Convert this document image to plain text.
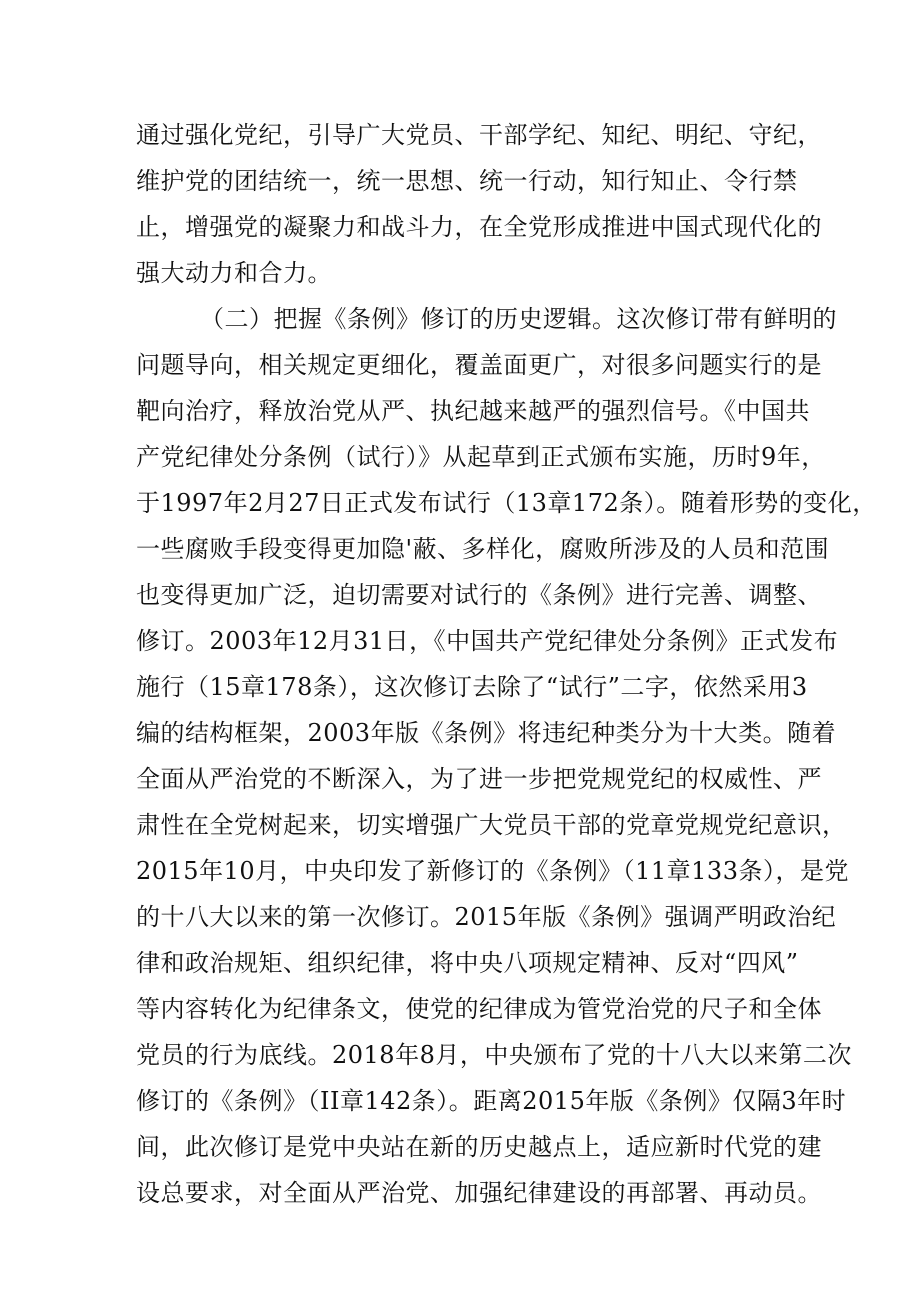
通过强化党纪，引导广大党员、干部学纪、知纪、明纪、守纪，
维护党的团结统一，统一思想、统一行动，知行知止、令行禁
止，增强党的凝聚力和战斗力，在全党形成推进中国式现代化的
强大动力和合力。
（二）把握《条例》修订的历史逻辑。这次修订带有鲜明的
问题导向，相关规定更细化，覆盖面更广，对很多问题实行的是
靶向治疗，释放治党从严、执纪越来越严的强烈信号。《中国共
产党纪律处分条例（试行）》从起草到正式颁布实施，历时9年，
于1997年2月27日正式发布试行（13章172条）。随着形势的变化，
一些腐败手段变得更加隐'蔽、多样化，腐败所涉及的人员和范围
也变得更加广泛，迫切需要对试行的《条例》进行完善、调整、
修订。2003年12月31日，《中国共产党纪律处分条例》正式发布
施行（15章178条），这次修订去除了“试行”二字，依然采用3
编的结构框架，2003年版《条例》将违纪种类分为十大类。随着
全面从严治党的不断深入，为了进一步把党规党纪的权威性、严
肃性在全党树起来，切实增强广大党员干部的党章党规党纪意识，
2015年10月，中央印发了新修订的《条例》（11章133条），是党
的十八大以来的第一次修订。2015年版《条例》强调严明政治纪
律和政治规矩、组织纪律，将中央八项规定精神、反对“四风”
等内容转化为纪律条文，使党的纪律成为管党治党的尺子和全体
党员的行为底线。2018年8月，中央颁布了党的十八大以来第二次
修订的《条例》（II章142条）。距离2015年版《条例》仅隔3年时
间，此次修订是党中央站在新的历史越点上，适应新时代党的建
设总要求，对全面从严治党、加强纪律建设的再部署、再动员。
